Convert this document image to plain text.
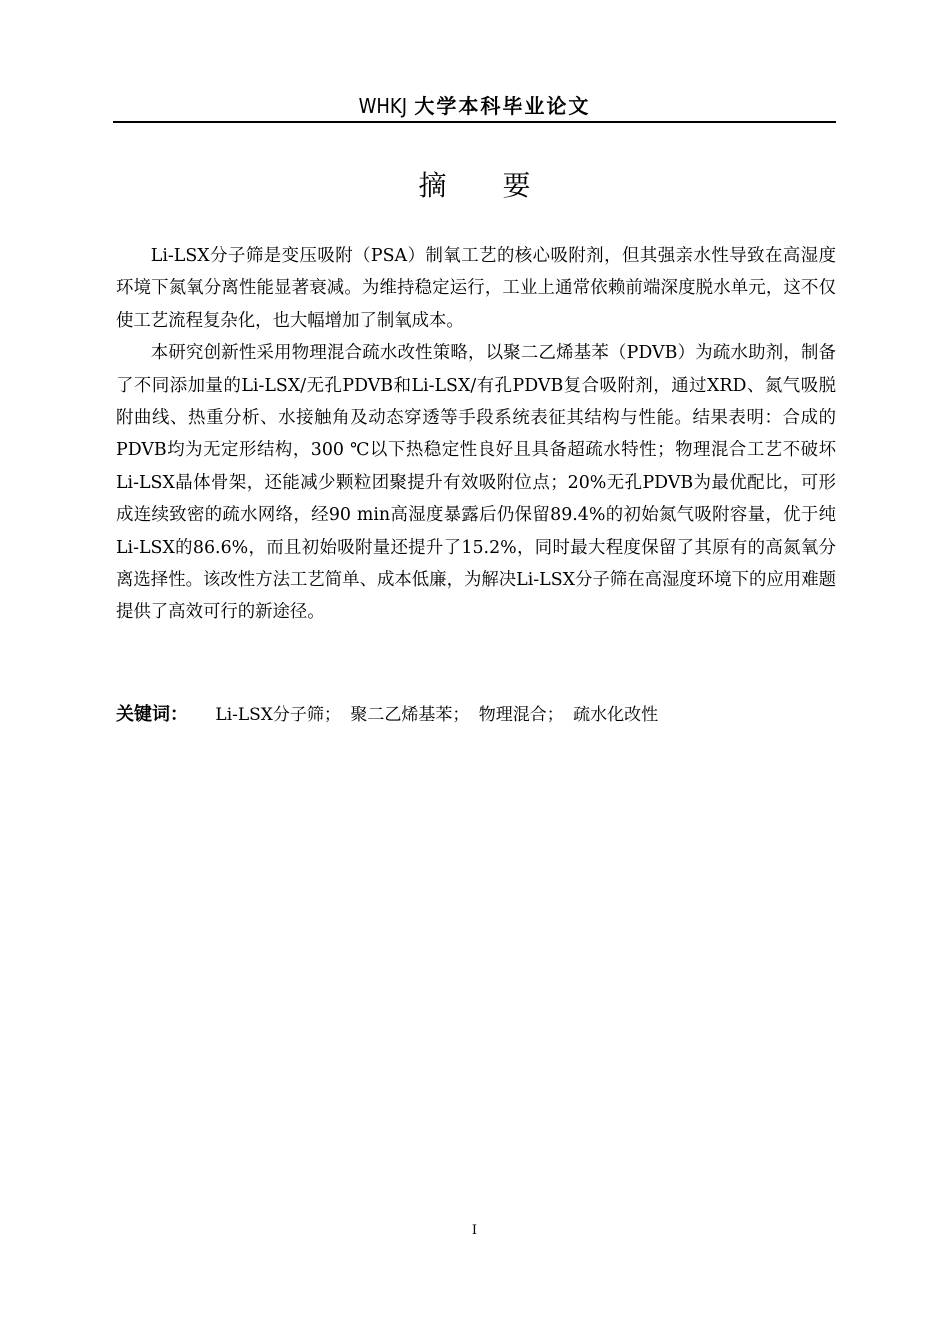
WHKJ 大学本科毕业论文
摘 要

Li-LSX分子筛是变压吸附（PSA）制氧工艺的核心吸附剂，但其强亲水性导致在高湿度环境下氮氧分离性能显著衰减。为维持稳定运行，工业上通常依赖前端深度脱水单元，这不仅使工艺流程复杂化，也大幅增加了制氧成本。

本研究创新性采用物理混合疏水改性策略，以聚二乙烯基苯（PDVB）为疏水助剂，制备了不同添加量的Li-LSX/无孔PDVB和Li-LSX/有孔PDVB复合吸附剂，通过XRD、氮气吸脱附曲线、热重分析、水接触角及动态穿透等手段系统表征其结构与性能。结果表明：合成的PDVB均为无定形结构，300 ℃以下热稳定性良好且具备超疏水特性；物理混合工艺不破坏Li-LSX晶体骨架，还能减少颗粒团聚提升有效吸附位点；20%无孔PDVB为最优配比，可形成连续致密的疏水网络，经90 min高湿度暴露后仍保留89.4%的初始氮气吸附容量，优于纯Li-LSX的86.6%，而且初始吸附量还提升了15.2%，同时最大程度保留了其原有的高氮氧分离选择性。该改性方法工艺简单、成本低廉，为解决Li-LSX分子筛在高湿度环境下的应用难题提供了高效可行的新途径。

关键词： Li-LSX分子筛； 聚二乙烯基苯； 物理混合； 疏水化改性
I
